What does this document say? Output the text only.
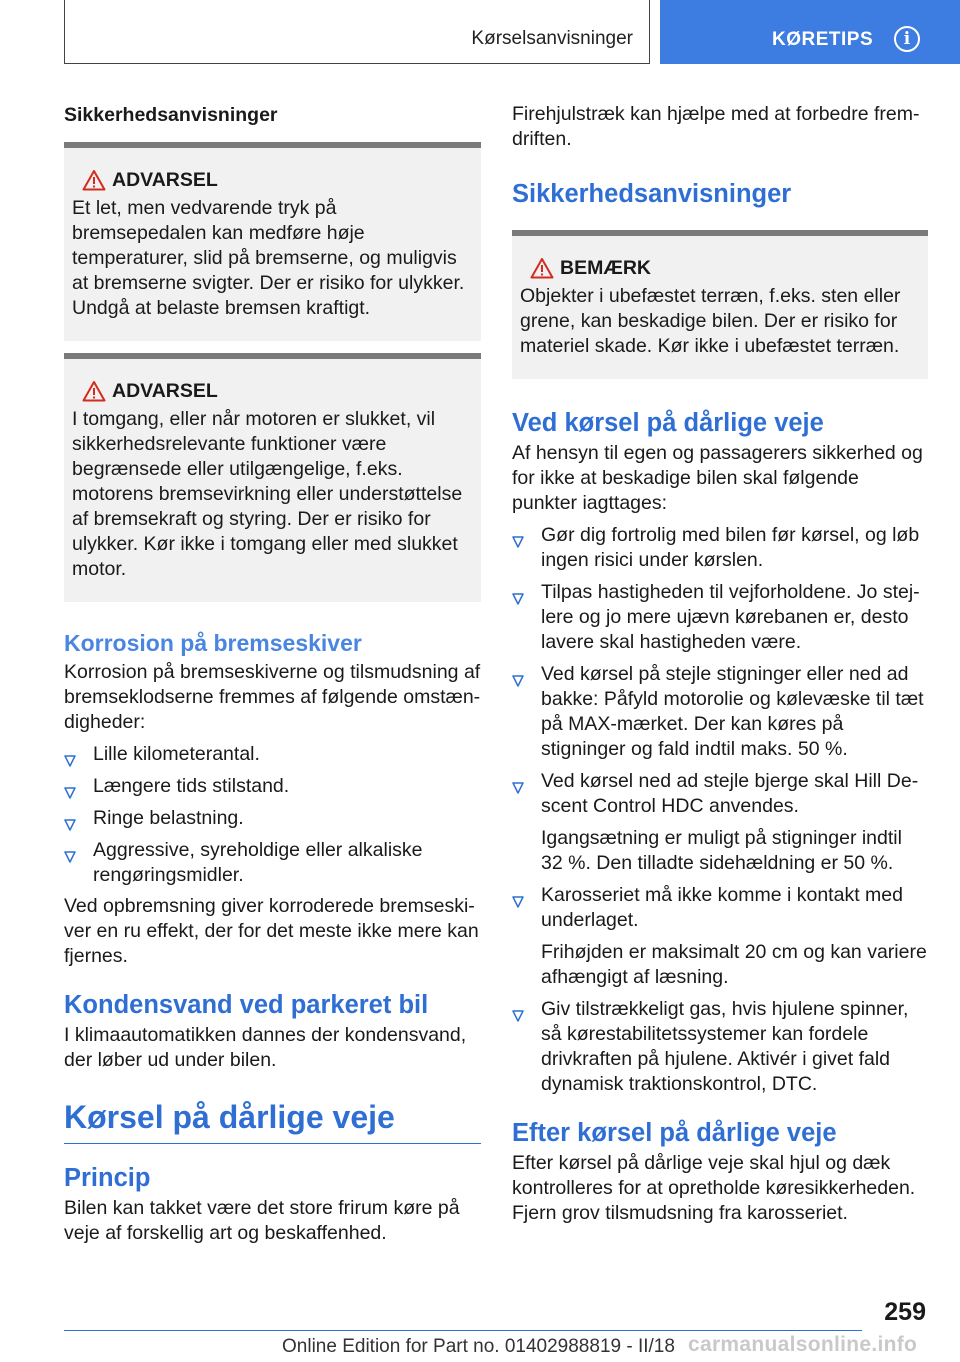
Kørselsanvisninger	KØRETIPS	i
Sikkerhedsanvisninger
ADVARSEL
Et let, men vedvarende tryk på bremsepedalen kan medføre høje temperaturer, slid på bremserne, og muligvis at bremserne svigter. Der er risiko for ulykker. Undgå at belaste bremsen kraftigt.
ADVARSEL
I tomgang, eller når motoren er slukket, vil sikkerhedsrelevante funktioner være begrænsede eller utilgængelige, f.eks. motorens bremsevirkning eller understøttelse af bremsekraft og styring. Der er risiko for ulykker. Kør ikke i tomgang eller med slukket motor.
Korrosion på bremseskiver
Korrosion på bremseskiverne og tilsmudsning af bremseklodserne fremmes af følgende omstændigheder:
Lille kilometerantal.
Længere tids stilstand.
Ringe belastning.
Aggressive, syreholdige eller alkaliske rengøringsmidler.
Ved opbremsning giver korroderede bremseskiver en ru effekt, der for det meste ikke mere kan fjernes.
Kondensvand ved parkeret bil
I klimaautomatikken dannes der kondensvand, der løber ud under bilen.
Kørsel på dårlige veje
Princip
Bilen kan takket være det store frirum køre på veje af forskellig art og beskaffenhed.
Firehjulstræk kan hjælpe med at forbedre fremdriften.
Sikkerhedsanvisninger
BEMÆRK
Objekter i ubefæstet terræn, f.eks. sten eller grene, kan beskadige bilen. Der er risiko for materiel skade. Kør ikke i ubefæstet terræn.
Ved kørsel på dårlige veje
Af hensyn til egen og passagerers sikkerhed og for ikke at beskadige bilen skal følgende punkter iagttages:
Gør dig fortrolig med bilen før kørsel, og løb ingen risici under kørslen.
Tilpas hastigheden til vejforholdene. Jo stejlere og jo mere ujævn kørebanen er, desto lavere skal hastigheden være.
Ved kørsel på stejle stigninger eller ned ad bakke: Påfyld motorolie og kølevæske til tæt på MAX-mærket. Der kan køres på stigninger og fald indtil maks. 50 %.
Ved kørsel ned ad stejle bjerge skal Hill Descent Control HDC anvendes.
Igangsætning er muligt på stigninger indtil 32 %. Den tilladte sidehældning er 50 %.
Karosseriet må ikke komme i kontakt med underlaget.
Frihøjden er maksimalt 20 cm og kan variere afhængigt af læsning.
Giv tilstrækkeligt gas, hvis hjulene spinner, så kørestabilitetssystemer kan fordele drivkraften på hjulene. Aktivér i givet fald dynamisk traktionskontrol, DTC.
Efter kørsel på dårlige veje
Efter kørsel på dårlige veje skal hjul og dæk kontrolleres for at opretholde køresikkerheden. Fjern grov tilsmudsning fra karosseriet.
259
Online Edition for Part no. 01402988819 - II/18 carmanualsonline.info
